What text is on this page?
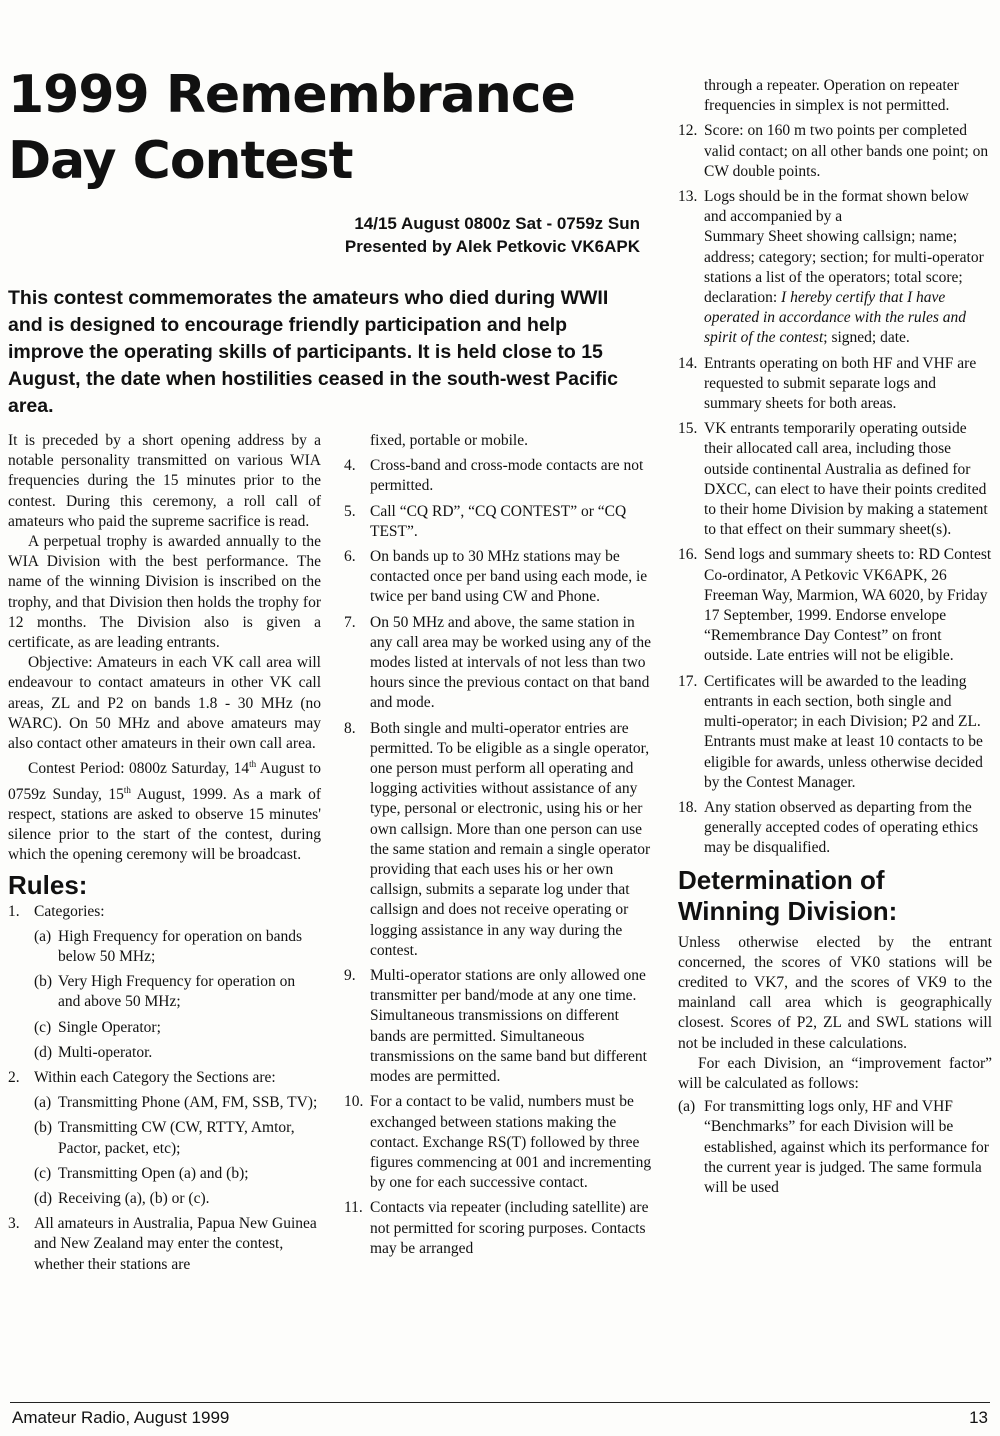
1999 Remembrance
Day Contest
14/15 August 0800z Sat - 0759z Sun
Presented by Alek Petkovic VK6APK

This contest commemorates the amateurs who died during WWII and is designed to encourage friendly participation and help improve the operating skills of participants. It is held close to 15 August, the date when hostilities ceased in the south-west Pacific area.

It is preceded by a short opening address by a notable personality transmitted on various WIA frequencies during the 15 minutes prior to the contest. During this ceremony, a roll call of amateurs who paid the supreme sacrifice is read.

A perpetual trophy is awarded annually to the WIA Division with the best performance. The name of the winning Division is inscribed on the trophy, and that Division then holds the trophy for 12 months. The Division also is given a certificate, as are leading entrants.

Objective: Amateurs in each VK call area will endeavour to contact amateurs in other VK call areas, ZL and P2 on bands 1.8 - 30 MHz (no WARC). On 50 MHz and above amateurs may also contact other amateurs in their own call area.

Contest Period: 0800z Saturday, 14th August to 0759z Sunday, 15th August, 1999. As a mark of respect, stations are asked to observe 15 minutes' silence prior to the start of the contest, during which the opening ceremony will be broadcast.

Rules:
1. Categories:
(a) High Frequency for operation on bands below 50 MHz;
(b) Very High Frequency for operation on and above 50 MHz;
(c) Single Operator;
(d) Multi-operator.
2. Within each Category the Sections are:
(a) Transmitting Phone (AM, FM, SSB, TV);
(b) Transmitting CW (CW, RTTY, Amtor, Pactor, packet, etc);
(c) Transmitting Open (a) and (b);
(d) Receiving (a), (b) or (c).
3. All amateurs in Australia, Papua New Guinea and New Zealand may enter the contest, whether their stations are
fixed, portable or mobile.
4. Cross-band and cross-mode contacts are not permitted.
5. Call “CQ RD”, “CQ CONTEST” or “CQ TEST”.
6. On bands up to 30 MHz stations may be contacted once per band using each mode, ie twice per band using CW and Phone.
7. On 50 MHz and above, the same station in any call area may be worked using any of the modes listed at intervals of not less than two hours since the previous contact on that band and mode.
8. Both single and multi-operator entries are permitted. To be eligible as a single operator, one person must perform all operating and logging activities without assistance of any type, personal or electronic, using his or her own callsign. More than one person can use the same station and remain a single operator providing that each uses his or her own callsign, submits a separate log under that callsign and does not receive operating or logging assistance in any way during the contest.
9. Multi-operator stations are only allowed one transmitter per band/mode at any one time. Simultaneous transmissions on different bands are permitted. Simultaneous transmissions on the same band but different modes are permitted.
10. For a contact to be valid, numbers must be exchanged between stations making the contact. Exchange RS(T) followed by three figures commencing at 001 and incrementing by one for each successive contact.
11. Contacts via repeater (including satellite) are not permitted for scoring purposes. Contacts may be arranged
through a repeater. Operation on repeater frequencies in simplex is not permitted.
12. Score: on 160 m two points per completed valid contact; on all other bands one point; on CW double points.
13. Logs should be in the format shown below and accompanied by a
Summary Sheet showing callsign; name; address; category; section; for multi-operator stations a list of the operators; total score; declaration: I hereby certify that I have operated in accordance with the rules and spirit of the contest; signed; date.
14. Entrants operating on both HF and VHF are requested to submit separate logs and summary sheets for both areas.
15. VK entrants temporarily operating outside their allocated call area, including those outside continental Australia as defined for DXCC, can elect to have their points credited to their home Division by making a statement to that effect on their summary sheet(s).
16. Send logs and summary sheets to: RD Contest Co-ordinator, A Petkovic VK6APK, 26 Freeman Way, Marmion, WA 6020, by Friday 17 September, 1999. Endorse envelope “Remembrance Day Contest” on front outside. Late entries will not be eligible.
17. Certificates will be awarded to the leading entrants in each section, both single and multi-operator; in each Division; P2 and ZL. Entrants must make at least 10 contacts to be eligible for awards, unless otherwise decided by the Contest Manager.
18. Any station observed as departing from the generally accepted codes of operating ethics may be disqualified.
Determination of Winning Division:

Unless otherwise elected by the entrant concerned, the scores of VK0 stations will be credited to VK7, and the scores of VK9 to the mainland call area which is geographically closest. Scores of P2, ZL and SWL stations will not be included in these calculations.

For each Division, an “improvement factor” will be calculated as follows:

(a) For transmitting logs only, HF and VHF “Benchmarks” for each Division will be established, against which its performance for the current year is judged. The same formula will be used
Amateur Radio, August 1999	13
